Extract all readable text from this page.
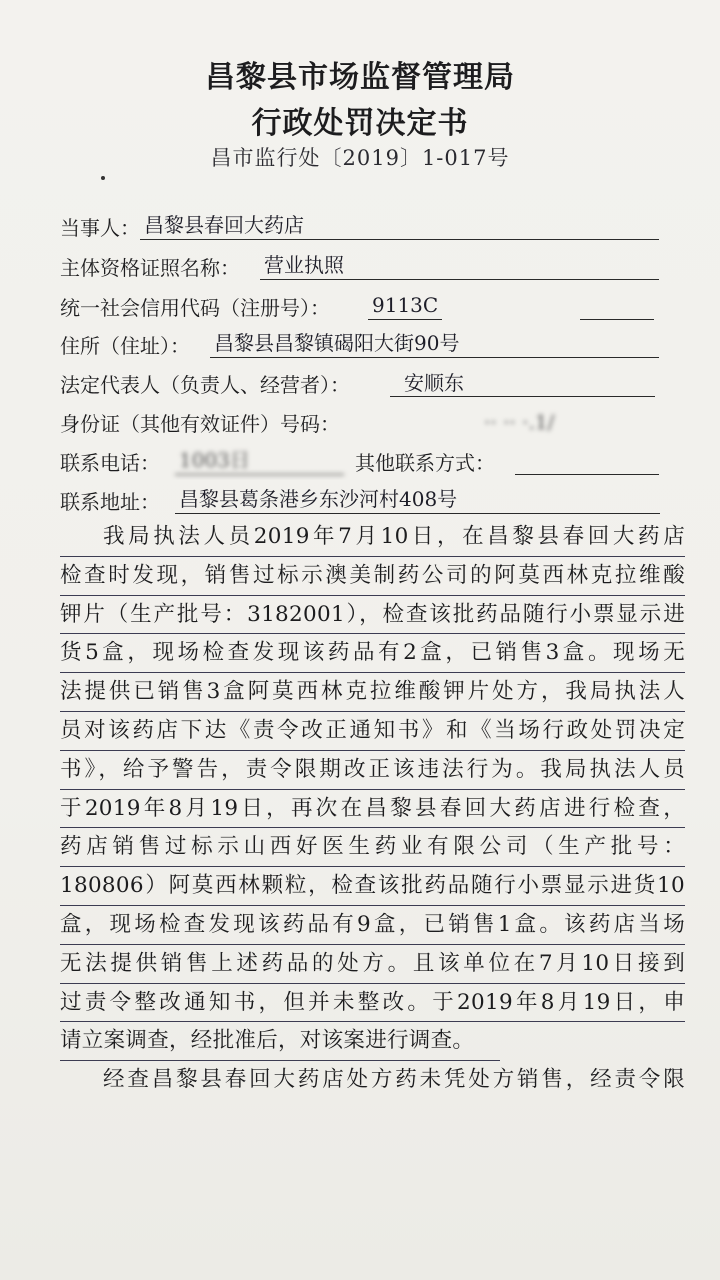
昌黎县市场监督管理局
行政处罚决定书
昌市监行处〔2019〕1-017号
当事人： 昌黎县春回大药店
主体资格证照名称： 营业执照
统一社会信用代码（注册号）： 9113C
住所（住址）： 昌黎县昌黎镇碣阳大街90号
法定代表人（负责人、经营者）：	安顺东
身份证（其他有效证件）号码：	·· ·· ·.1/
联系电话： 1003日	其他联系方式：
联系地址： 昌黎县葛条港乡东沙河村408号
我局执法人员2019年7月10日，在昌黎县春回大药店
检查时发现，销售过标示澳美制药公司的阿莫西林克拉维酸
钾片（生产批号：3182001），检查该批药品随行小票显示进
货5盒，现场检查发现该药品有2盒，已销售3盒。现场无
法提供已销售3盒阿莫西林克拉维酸钾片处方，我局执法人
员对该药店下达《责令改正通知书》和《当场行政处罚决定
书》，给予警告，责令限期改正该违法行为。我局执法人员
于2019年8月19日，再次在昌黎县春回大药店进行检查，
药店销售过标示山西好医生药业有限公司（生产批号：
180806）阿莫西林颗粒，检查该批药品随行小票显示进货10
盒，现场检查发现该药品有9盒，已销售1盒。该药店当场
无法提供销售上述药品的处方。且该单位在7月10日接到
过责令整改通知书，但并未整改。于2019年8月19日，申
请立案调查，经批准后，对该案进行调查。
经查昌黎县春回大药店处方药未凭处方销售，经责令限
